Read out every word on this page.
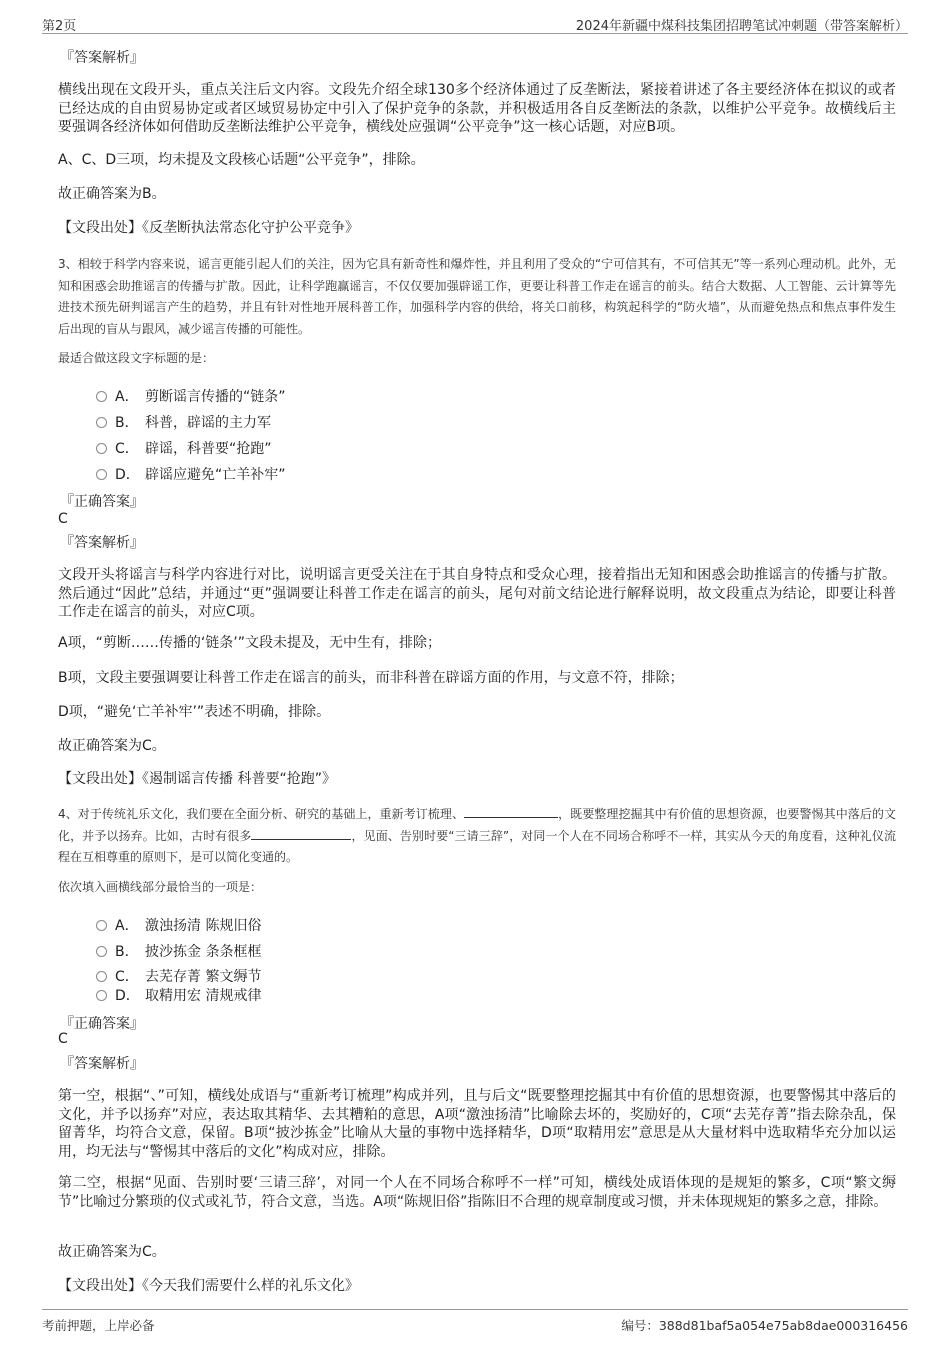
第2页	2024年新疆中煤科技集团招聘笔试冲刺题（带答案解析）
『答案解析』
横线出现在文段开头，重点关注后文内容。文段先介绍全球130多个经济体通过了反垄断法，紧接着讲述了各主要经济体在拟议的或者已经达成的自由贸易协定或者区域贸易协定中引入了保护竞争的条款，并积极适用各自反垄断法的条款，以维护公平竞争。故横线后主要强调各经济体如何借助反垄断法维护公平竞争，横线处应强调“公平竞争”这一核心话题，对应B项。
A、C、D三项，均未提及文段核心话题“公平竞争”，排除。
故正确答案为B。
【文段出处】《反垄断执法常态化守护公平竞争》
3、相较于科学内容来说，谣言更能引起人们的关注，因为它具有新奇性和爆炸性，并且利用了受众的“宁可信其有，不可信其无”等一系列心理动机。此外，无知和困惑会助推谣言的传播与扩散。因此，让科学跑赢谣言，不仅仅要加强辟谣工作，更要让科普工作走在谣言的前头。结合大数据、人工智能、云计算等先进技术预先研判谣言产生的趋势，并且有针对性地开展科普工作，加强科学内容的供给，将关口前移，构筑起科学的“防火墙”，从而避免热点和焦点事件发生后出现的盲从与跟风，减少谣言传播的可能性。
最适合做这段文字标题的是：
A． 剪断谣言传播的“链条”
B． 科普，辟谣的主力军
C． 辟谣，科普要“抢跑”
D． 辟谣应避免“亡羊补牢”
『正确答案』
C
『答案解析』
文段开头将谣言与科学内容进行对比，说明谣言更受关注在于其自身特点和受众心理，接着指出无知和困惑会助推谣言的传播与扩散。然后通过“因此”总结，并通过“更”强调要让科普工作走在谣言的前头，尾句对前文结论进行解释说明，故文段重点为结论，即要让科普工作走在谣言的前头，对应C项。
A项，“剪断……传播的‘链条’”文段未提及，无中生有，排除；
B项，文段主要强调要让科普工作走在谣言的前头，而非科普在辟谣方面的作用，与文意不符，排除；
D项，“避免‘亡羊补牢’”表述不明确，排除。
故正确答案为C。
【文段出处】《遏制谣言传播 科普要“抢跑”》
4、对于传统礼乐文化，我们要在全面分析、研究的基础上，重新考订梳理、	，既要整理挖掘其中有价值的思想资源，也要警惕其中落后的文化，并予以扬弃。比如，古时有很多	，见面、告别时要“三请三辞”，对同一个人在不同场合称呼不一样，其实从今天的角度看，这种礼仪流程在互相尊重的原则下，是可以简化变通的。
依次填入画横线部分最恰当的一项是：
A． 激浊扬清 陈规旧俗
B． 披沙拣金 条条框框
C． 去芜存菁 繁文缛节
D． 取精用宏 清规戒律
『正确答案』
C
『答案解析』
第一空，根据“、”可知，横线处成语与“重新考订梳理”构成并列，且与后文“既要整理挖掘其中有价值的思想资源，也要警惕其中落后的文化，并予以扬弃”对应，表达取其精华、去其糟粕的意思，A项“激浊扬清”比喻除去坏的，奖励好的，C项“去芜存菁”指去除杂乱，保留菁华，均符合文意，保留。B项“披沙拣金”比喻从大量的事物中选择精华，D项“取精用宏”意思是从大量材料中选取精华充分加以运用，均无法与“警惕其中落后的文化”构成对应，排除。
第二空，根据“见面、告别时要‘三请三辞’，对同一个人在不同场合称呼不一样”可知，横线处成语体现的是规矩的繁多，C项“繁文缛节”比喻过分繁琐的仪式或礼节，符合文意，当选。A项“陈规旧俗”指陈旧不合理的规章制度或习惯，并未体现规矩的繁多之意，排除。
故正确答案为C。
【文段出处】《今天我们需要什么样的礼乐文化》
考前押题，上岸必备	编号：388d81baf5a054e75ab8dae000316456
